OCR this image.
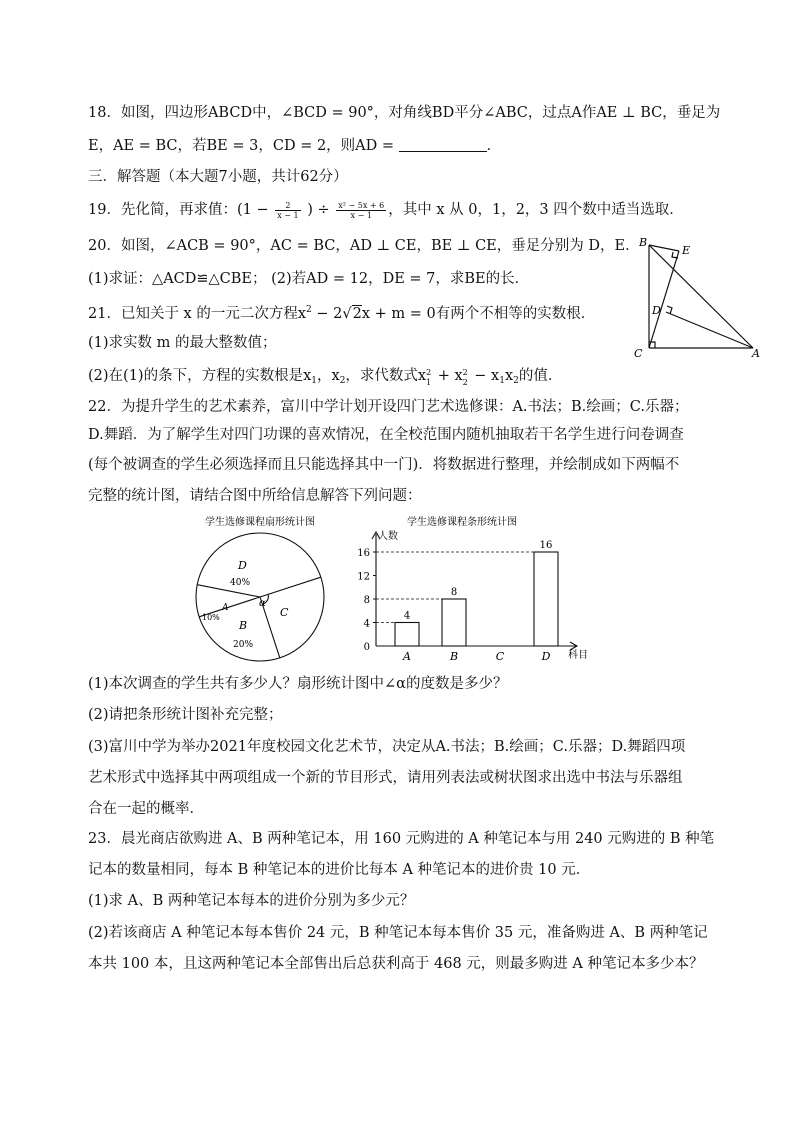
18．如图，四边形ABCD中，∠BCD = 90°，对角线BD平分∠ABC，过点A作AE ⊥ BC，垂足为
E，AE = BC，若BE = 3，CD = 2，则AD =	．
三．解答题（本大题7小题，共计62分）
19．先化简，再求值：($1 - \frac{2}{x - 1}$ ) ÷ $\frac{\text{x² − 5x + 6}}{x - 1}$ ，其中 x 从 0，1，2，3 四个数中适当选取．
20．如图，∠ACB = 90°，AC = BC，AD ⊥ CE，BE ⊥ CE，垂足分别为 D，E．
(1)求证：△ACD≌△CBE； (2)若AD = 12，DE = 7，求BE的长．
21．已知关于 x 的一元二次方程$x^2 - 2√2x + m = 0$有两个不相等的实数根．
(1)求实数 m 的最大整数值；
(2)在(1)的条下，方程的实数根是$x_1$，$x_2$，求代数式x 2
1 + x 2
$2 - x_1x_2$的值．
B
E
D
C	A
22．为提升学生的艺术素养，富川中学计划开设四门艺术选修课：A.书法；B.绘画；C.乐器；
D.舞蹈．为了解学生对四门功课的喜欢情况，在全校范围内随机抽取若干名学生进行问卷调查
(每个被调查的学生必须选择而且只能选择其中一门)．将数据进行整理，并绘制成如下两幅不
完整的统计图，请结合图中所给信息解答下列问题：
学生选修课程扇形统计图
D
40%
A
10%
B
20%
C
α
学生选修课程条形统计图
人数
科目
0
4
8
12
16
A
4
B
8
C	D
16
(1)本次调查的学生共有多少人？扇形统计图中∠α的度数是多少？
(2)请把条形统计图补充完整；
(3)富川中学为举办2021年度校园文化艺术节，决定从A.书法；B.绘画；C.乐器；D.舞蹈四项
艺术形式中选择其中两项组成一个新的节目形式，请用列表法或树状图求出选中书法与乐器组
合在一起的概率．
23．晨光商店欲购进 A、B 两种笔记本，用 160 元购进的 A 种笔记本与用 240 元购进的 B 种笔
记本的数量相同，每本 B 种笔记本的进价比每本 A 种笔记本的进价贵 10 元．
(1)求 A、B 两种笔记本每本的进价分别为多少元？
(2)若该商店 A 种笔记本每本售价 24 元，B 种笔记本每本售价 35 元，准备购进 A、B 两种笔记
本共 100 本，且这两种笔记本全部售出后总获利高于 468 元，则最多购进 A 种笔记本多少本？
